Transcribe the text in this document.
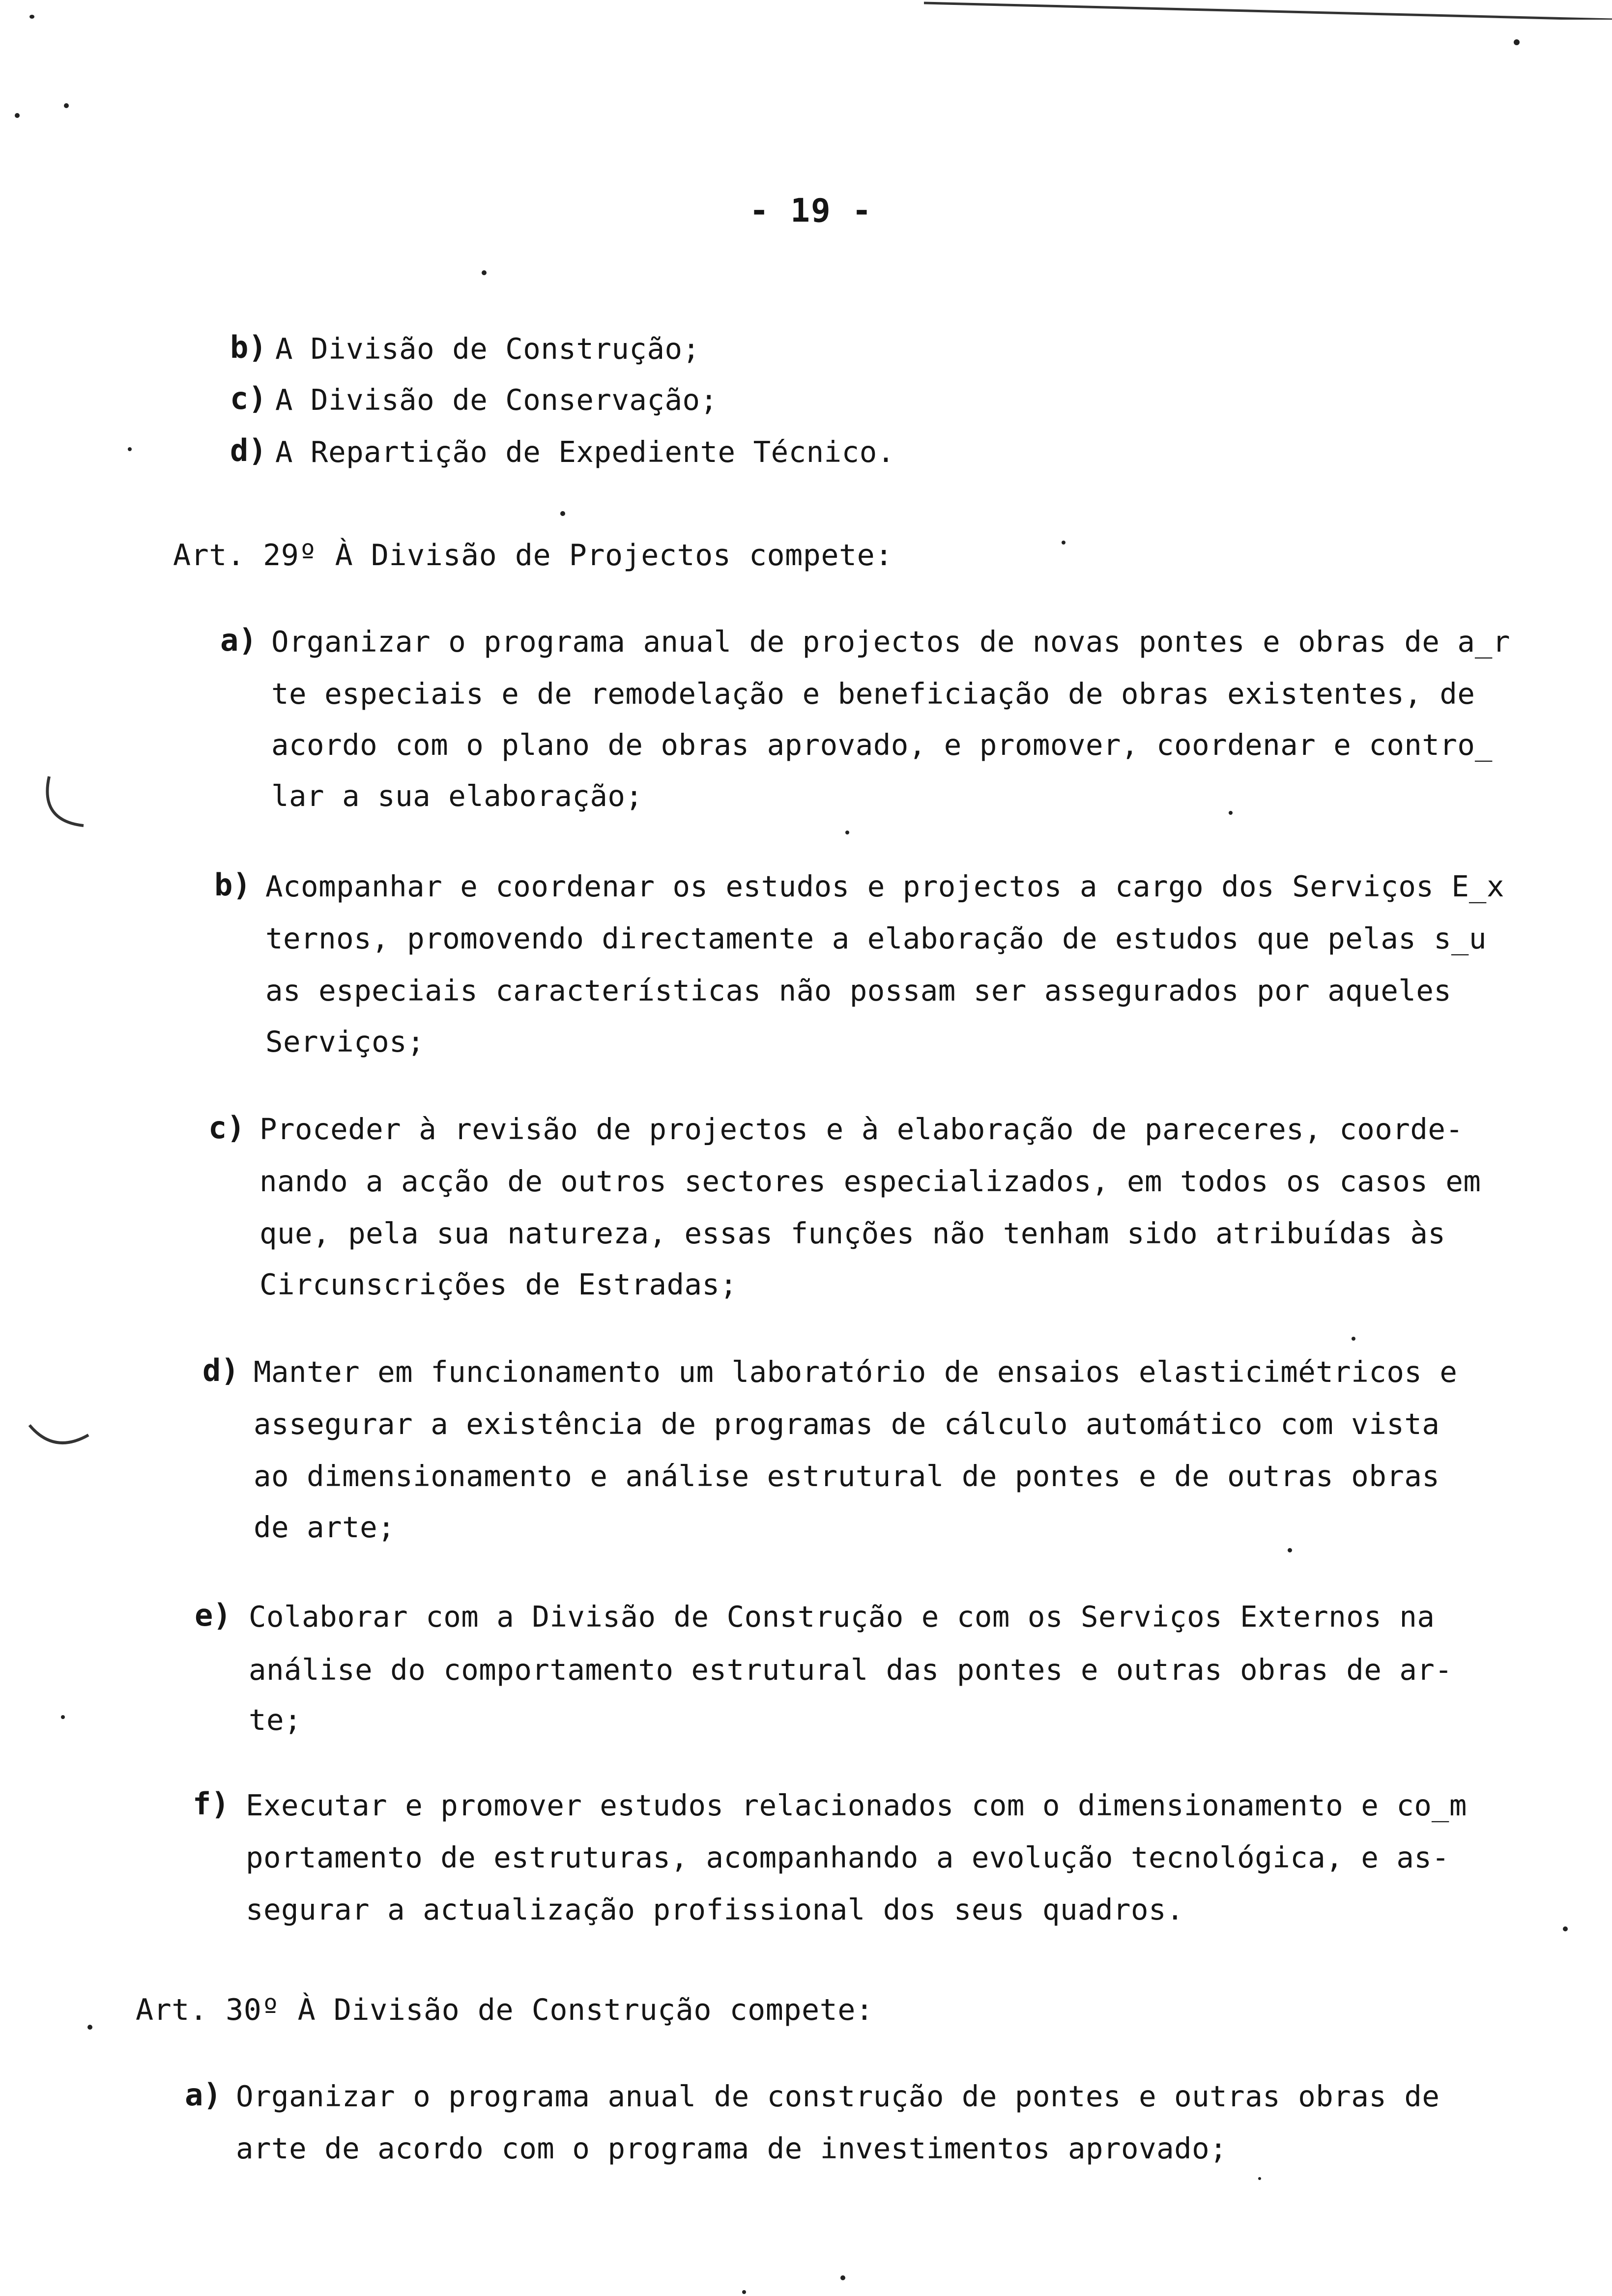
- 19 -
b) A Divisão de Construção;
c) A Divisão de Conservação;
d) A Repartição de Expediente Técnico.
Art. 29º À Divisão de Projectos compete:
a) Organizar o programa anual de projectos de novas pontes e obras de a̲r
te especiais e de remodelação e beneficiação de obras existentes, de
acordo com o plano de obras aprovado, e promover, coordenar e contro̲
lar a sua elaboração;
b) Acompanhar e coordenar os estudos e projectos a cargo dos Serviços E̲x
ternos, promovendo directamente a elaboração de estudos que pelas s̲u
as especiais características não possam ser assegurados por aqueles
Serviços;
c) Proceder à revisão de projectos e à elaboração de pareceres, coorde-
nando a acção de outros sectores especializados, em todos os casos em
que, pela sua natureza, essas funções não tenham sido atribuídas às
Circunscrições de Estradas;
d) Manter em funcionamento um laboratório de ensaios elasticimétricos e
assegurar a existência de programas de cálculo automático com vista
ao dimensionamento e análise estrutural de pontes e de outras obras
de arte;
e) Colaborar com a Divisão de Construção e com os Serviços Externos na
análise do comportamento estrutural das pontes e outras obras de ar-
te;
f) Executar e promover estudos relacionados com o dimensionamento e co̲m
portamento de estruturas, acompanhando a evolução tecnológica, e as-
segurar a actualização profissional dos seus quadros.
Art. 30º À Divisão de Construção compete:
a) Organizar o programa anual de construção de pontes e outras obras de
arte de acordo com o programa de investimentos aprovado;
